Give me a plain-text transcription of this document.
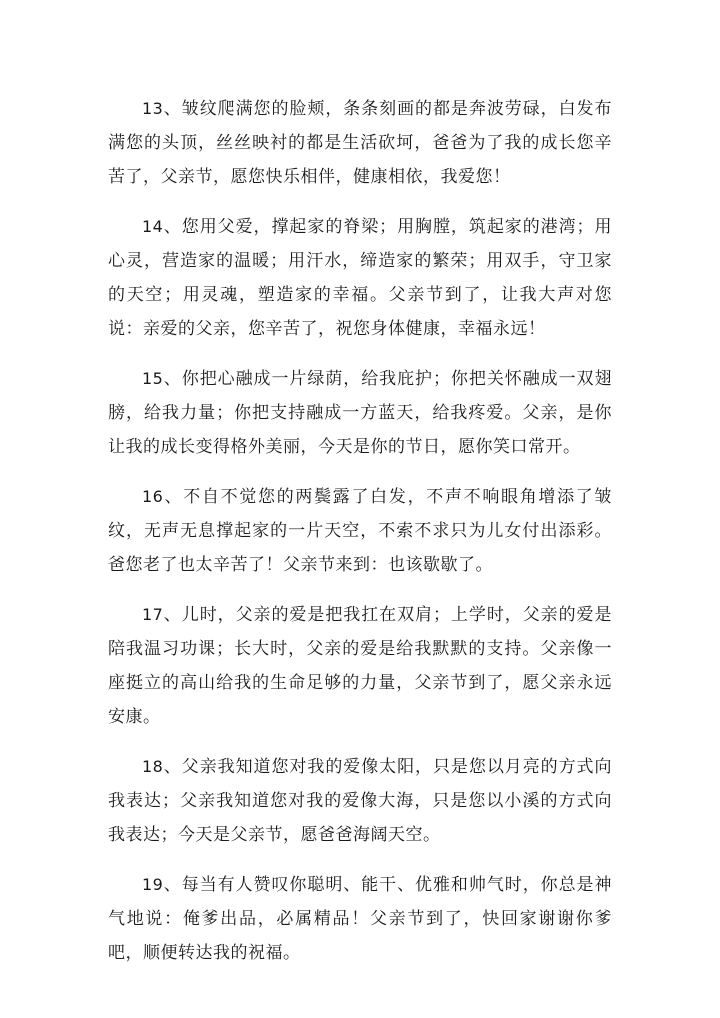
13、皱纹爬满您的脸颊，条条刻画的都是奔波劳碌，白发布满您的头顶，丝丝映衬的都是生活砍坷，爸爸为了我的成长您辛苦了，父亲节，愿您快乐相伴，健康相依，我爱您！

14、您用父爱，撑起家的脊梁；用胸膛，筑起家的港湾；用心灵，营造家的温暖；用汗水，缔造家的繁荣；用双手，守卫家的天空；用灵魂，塑造家的幸福。父亲节到了，让我大声对您说：亲爱的父亲，您辛苦了，祝您身体健康，幸福永远！

15、你把心融成一片绿荫，给我庇护；你把关怀融成一双翅膀，给我力量；你把支持融成一方蓝天，给我疼爱。父亲，是你让我的成长变得格外美丽，今天是你的节日，愿你笑口常开。

16、不自不觉您的两鬓露了白发，不声不响眼角增添了皱纹，无声无息撑起家的一片天空，不索不求只为儿女付出添彩。爸您老了也太辛苦了！父亲节来到：也该歇歇了。

17、儿时，父亲的爱是把我扛在双肩；上学时，父亲的爱是陪我温习功课；长大时，父亲的爱是给我默默的支持。父亲像一座挺立的高山给我的生命足够的力量，父亲节到了，愿父亲永远安康。

18、父亲我知道您对我的爱像太阳，只是您以月亮的方式向我表达；父亲我知道您对我的爱像大海，只是您以小溪的方式向我表达；今天是父亲节，愿爸爸海阔天空。

19、每当有人赞叹你聪明、能干、优雅和帅气时，你总是神气地说：俺爹出品，必属精品！父亲节到了，快回家谢谢你爹吧，顺便转达我的祝福。
